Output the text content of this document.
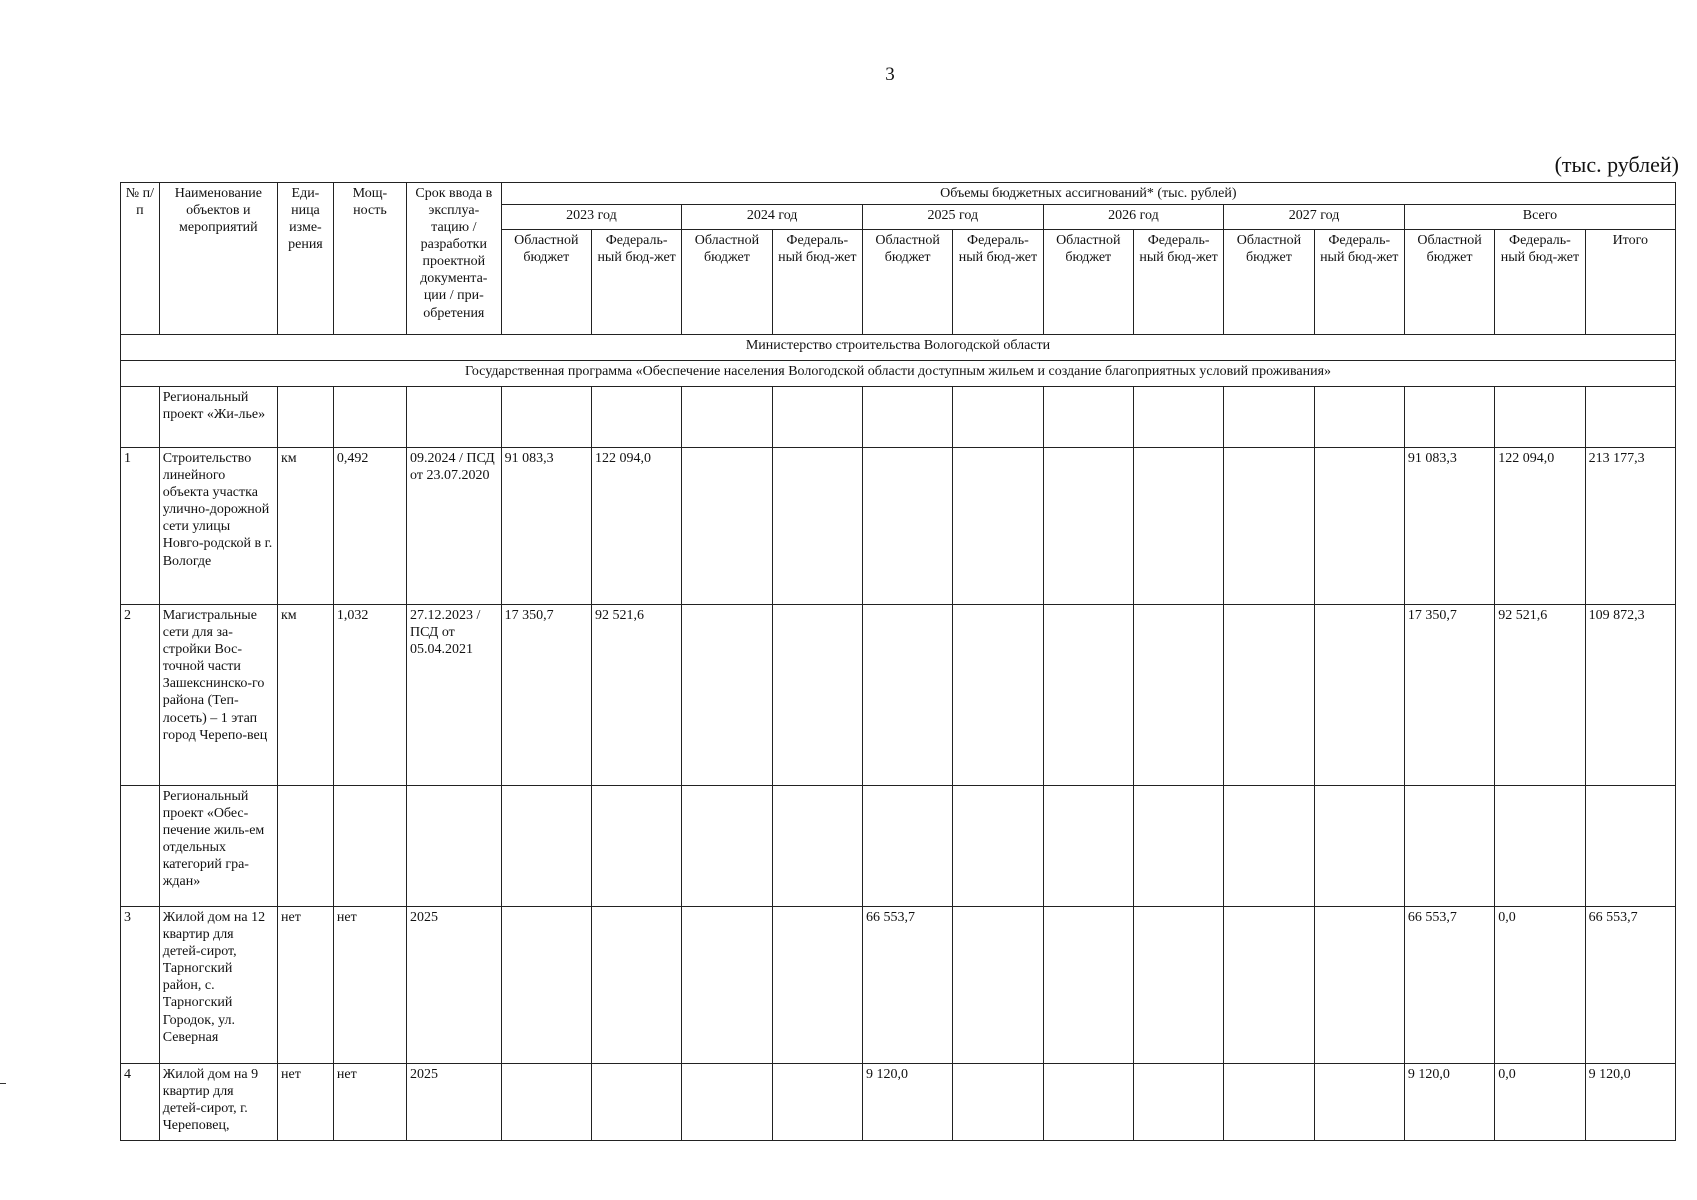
3
(тыс. рублей)
№ п/п	Наименование объектов и мероприятий	Еди-ница изме-рения	Мощ-ность	Срок ввода в эксплуа-тацию / разработки проектной документа-ции / при-обретения	Объемы бюджетных ассигнований* (тыс. рублей)												
					2023 год		2024 год		2025 год		2026 год		2027 год		Всего		
					Областной бюджет	Федераль-ный бюд-жет	Областной бюджет	Федераль-ный бюд-жет	Областной бюджет	Федераль-ный бюд-жет	Областной бюджет	Федераль-ный бюд-жет	Областной бюджет	Федераль-ный бюд-жет	Областной бюджет	Федераль-ный бюд-жет	Итого
Министерство строительства Вологодской области																	
Государственная программа «Обеспечение населения Вологодской области доступным жильем и создание благоприятных условий проживания»																	
	Региональный проект «Жи-лье»																
1	Строительство линейного объекта участка улично-дорожной сети улицы Новго-родской в г. Вологде	км	0,492	09.2024 / ПСД от 23.07.2020	91 083,3	122 094,0									91 083,3	122 094,0	213 177,3
2	Магистральные сети для за-стройки Вос-точной части Зашекснинско-го района (Теп-лосеть) – 1 этап город Черепо-вец	км	1,032	27.12.2023 / ПСД от 05.04.2021	17 350,7	92 521,6									17 350,7	92 521,6	109 872,3
	Региональный проект «Обес-печение жиль-ем отдельных категорий гра-ждан»																
3	Жилой дом на 12 квартир для детей-сирот, Тарногский район, с. Тарногский Городок, ул. Северная	нет	нет	2025					66 553,7						66 553,7	0,0	66 553,7
4	Жилой дом на 9 квартир для детей-сирот, г. Череповец,	нет	нет	2025					9 120,0						9 120,0	0,0	9 120,0
